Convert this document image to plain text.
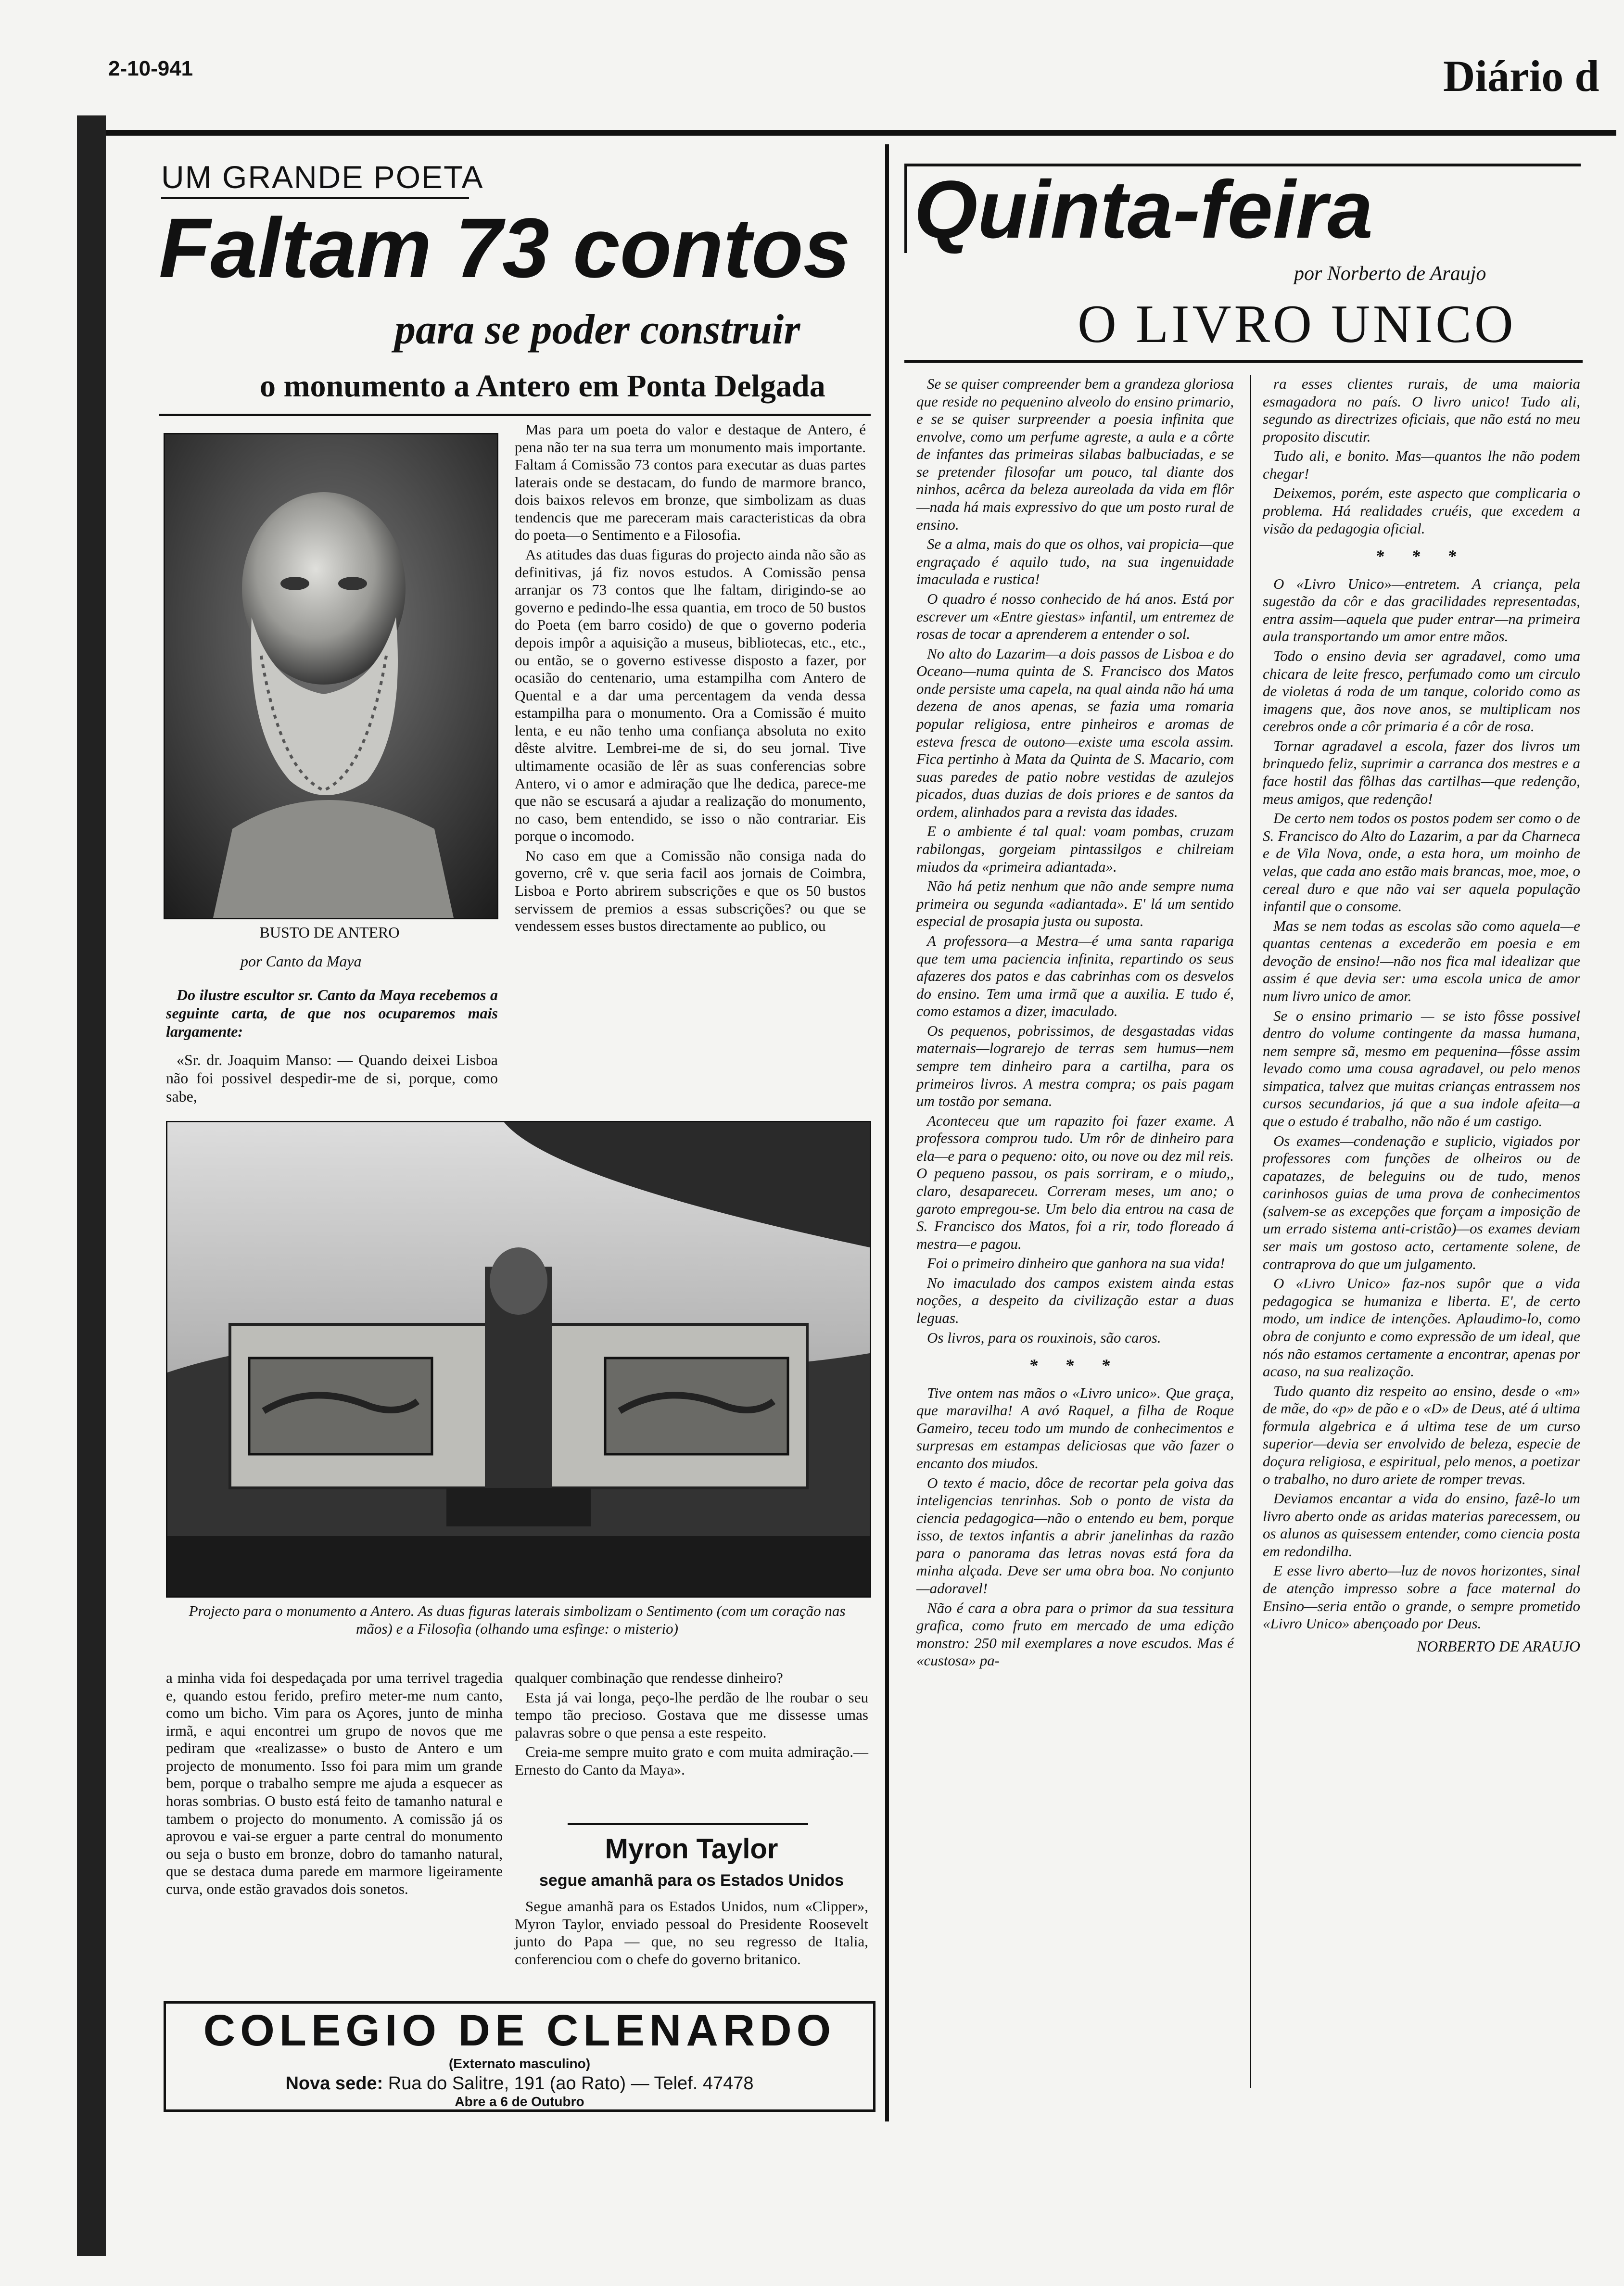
2-10-941	Diário d
UM GRANDE POETA
Faltam 73 contos
para se poder construir
o monumento a Antero em Ponta Delgada
BUSTO DE ANTERO
por Canto da Maya

Do ilustre escultor sr. Canto da Maya recebemos a seguinte carta, de que nos ocuparemos mais largamente:

«Sr. dr. Joaquim Manso: — Quando deixei Lisboa não foi possivel despedir-me de si, porque, como sabe,

Mas para um poeta do valor e destaque de Antero, é pena não ter na sua terra um monumento mais importante. Faltam á Comissão 73 contos para executar as duas partes laterais onde se destacam, do fundo de marmore branco, dois baixos relevos em bronze, que simbolizam as duas tendencis que me pareceram mais caracteristicas da obra do poeta—o Sentimento e a Filosofia.

As atitudes das duas figuras do projecto ainda não são as definitivas, já fiz novos estudos. A Comissão pensa arranjar os 73 contos que lhe faltam, dirigindo-se ao governo e pedindo-lhe essa quantia, em troco de 50 bustos do Poeta (em barro cosido) de que o governo poderia depois impôr a aquisição a museus, bibliotecas, etc., etc., ou então, se o governo estivesse disposto a fazer, por ocasião do centenario, uma estampilha com Antero de Quental e a dar uma percentagem da venda dessa estampilha para o monumento. Ora a Comissão é muito lenta, e eu não tenho uma confiança absoluta no exito dêste alvitre. Lembrei-me de si, do seu jornal. Tive ultimamente ocasião de lêr as suas conferencias sobre Antero, vi o amor e admiração que lhe dedica, parece-me que não se escusará a ajudar a realização do monumento, no caso, bem entendido, se isso o não contrariar. Eis porque o incomodo.

No caso em que a Comissão não consiga nada do governo, crê v. que seria facil aos jornais de Coimbra, Lisboa e Porto abrirem subscrições e que os 50 bustos servissem de premios a essas subscrições? ou que se vendessem esses bustos directamente ao publico, ou

Projecto para o monumento a Antero. As duas figuras laterais simbolizam o Sentimento (com um coração nas mãos) e a Filosofia (olhando uma esfinge: o misterio)

a minha vida foi despedaçada por uma terrivel tragedia e, quando estou ferido, prefiro meter-me num canto, como um bicho. Vim para os Açores, junto de minha irmã, e aqui encontrei um grupo de novos que me pediram que «realizasse» o busto de Antero e um projecto de monumento. Isso foi para mim um grande bem, porque o trabalho sempre me ajuda a esquecer as horas sombrias. O busto está feito de tamanho natural e tambem o projecto do monumento. A comissão já os aprovou e vai-se erguer a parte central do monumento ou seja o busto em bronze, dobro do tamanho natural, que se destaca duma parede em marmore ligeiramente curva, onde estão gravados dois sonetos.

qualquer combinação que rendesse dinheiro?

Esta já vai longa, peço-lhe perdão de lhe roubar o seu tempo tão precioso. Gostava que me dissesse umas palavras sobre o que pensa a este respeito.

Creia-me sempre muito grato e com muita admiração.—Ernesto do Canto da Maya».

Myron Taylor
segue amanhã para os Estados Unidos

Segue amanhã para os Estados Unidos, num «Clipper», Myron Taylor, enviado pessoal do Presidente Roosevelt junto do Papa — que, no seu regresso de Italia, conferenciou com o chefe do governo britanico.

COLEGIO DE CLENARDO
(Externato masculino)
Nova sede: Rua do Salitre, 191 (ao Rato) — Telef. 47478
Abre a 6 de Outubro
Quinta-feira
por Norberto de Araujo
O LIVRO UNICO

Se se quiser compreender bem a grandeza gloriosa que reside no pequenino alveolo do ensino primario, e se se quiser surpreender a poesia infinita que envolve, como um perfume agreste, a aula e a côrte de infantes das primeiras silabas balbuciadas, e se se pretender filosofar um pouco, tal diante dos ninhos, acêrca da beleza aureolada da vida em flôr—nada há mais expressivo do que um posto rural de ensino.

Se a alma, mais do que os olhos, vai propicia—que engraçado é aquilo tudo, na sua ingenuidade imaculada e rustica!

O quadro é nosso conhecido de há anos. Está por escrever um «Entre giestas» infantil, um entremez de rosas de tocar a aprenderem a entender o sol.

No alto do Lazarim—a dois passos de Lisboa e do Oceano—numa quinta de S. Francisco dos Matos onde persiste uma capela, na qual ainda não há uma dezena de anos apenas, se fazia uma romaria popular religiosa, entre pinheiros e aromas de esteva fresca de outono—existe uma escola assim. Fica pertinho à Mata da Quinta de S. Macario, com suas paredes de patio nobre vestidas de azulejos picados, duas duzias de dois priores e de santos da ordem, alinhados para a revista das idades.

E o ambiente é tal qual: voam pombas, cruzam rabilongas, gorgeiam pintassilgos e chilreiam miudos da «primeira adiantada».

Não há petiz nenhum que não ande sempre numa primeira ou segunda «adiantada». E' lá um sentido especial de prosapia justa ou suposta.

A professora—a Mestra—é uma santa rapariga que tem uma paciencia infinita, repartindo os seus afazeres dos patos e das cabrinhas com os desvelos do ensino. Tem uma irmã que a auxilia. E tudo é, como estamos a dizer, imaculado.

Os pequenos, pobrissimos, de desgastadas vidas maternais—lograrejo de terras sem humus—nem sempre tem dinheiro para a cartilha, para os primeiros livros. A mestra compra; os pais pagam um tostão por semana.

Aconteceu que um rapazito foi fazer exame. A professora comprou tudo. Um rôr de dinheiro para ela—e para o pequeno: oito, ou nove ou dez mil reis. O pequeno passou, os pais sorriram, e o miudo,, claro, desapareceu. Correram meses, um ano; o garoto empregou-se. Um belo dia entrou na casa de S. Francisco dos Matos, foi a rir, todo floreado á mestra—e pagou.

Foi o primeiro dinheiro que ganhora na sua vida!

No imaculado dos campos existem ainda estas noções, a despeito da civilização estar a duas leguas.

Os livros, para os rouxinois, são caros.

* * *

Tive ontem nas mãos o «Livro unico». Que graça, que maravilha! A avó Raquel, a filha de Roque Gameiro, teceu todo um mundo de conhecimentos e surpresas em estampas deliciosas que vão fazer o encanto dos miudos.

O texto é macio, dôce de recortar pela goiva das inteligencias tenrinhas. Sob o ponto de vista da ciencia pedagogica—não o entendo eu bem, porque isso, de textos infantis a abrir janelinhas da razão para o panorama das letras novas está fora da minha alçada. Deve ser uma obra boa. No conjunto—adoravel!

Não é cara a obra para o primor da sua tessitura grafica, como fruto em mercado de uma edição monstro: 250 mil exemplares a nove escudos. Mas é «custosa» pa-

ra esses clientes rurais, de uma maioria esmagadora no país. O livro unico! Tudo ali, segundo as directrizes oficiais, que não está no meu proposito discutir.

Tudo ali, e bonito. Mas—quantos lhe não podem chegar!

Deixemos, porém, este aspecto que complicaria o problema. Há realidades cruéis, que excedem a visão da pedagogia oficial.

* * *

O «Livro Unico»—entretem. A criança, pela sugestão da côr e das gracilidades representadas, entra assim—aquela que puder entrar—na primeira aula transportando um amor entre mãos.

Todo o ensino devia ser agradavel, como uma chicara de leite fresco, perfumado como um circulo de violetas á roda de um tanque, colorido como as imagens que, ãos nove anos, se multiplicam nos cerebros onde a côr primaria é a côr de rosa.

Tornar agradavel a escola, fazer dos livros um brinquedo feliz, suprimir a carranca dos mestres e a face hostil das fôlhas das cartilhas—que redenção, meus amigos, que redenção!

De certo nem todos os postos podem ser como o de S. Francisco do Alto do Lazarim, a par da Charneca e de Vila Nova, onde, a esta hora, um moinho de velas, que cada ano estão mais brancas, moe, moe, o cereal duro e que não vai ser aquela população infantil que o consome.

Mas se nem todas as escolas são como aquela—e quantas centenas a excederão em poesia e em devoção de ensino!—não nos fica mal idealizar que assim é que devia ser: uma escola unica de amor num livro unico de amor.

Se o ensino primario — se isto fôsse possivel dentro do volume contingente da massa humana, nem sempre sã, mesmo em pequenina—fôsse assim levado como uma cousa agradavel, ou pelo menos simpatica, talvez que muitas crianças entrassem nos cursos secundarios, já que a sua indole afeita—a que o estudo é trabalho, não não é um castigo.

Os exames—condenação e suplicio, vigiados por professores com funções de olheiros ou de capatazes, de beleguins ou de tudo, menos carinhosos guias de uma prova de conhecimentos (salvem-se as excepções que forçam a imposição de um errado sistema anti-cristão)—os exames deviam ser mais um gostoso acto, certamente solene, de contraprova do que um julgamento.

O «Livro Unico» faz-nos supôr que a vida pedagogica se humaniza e liberta. E', de certo modo, um indice de intenções. Aplaudimo-lo, como obra de conjunto e como expressão de um ideal, que nós não estamos certamente a encontrar, apenas por acaso, na sua realização.

Tudo quanto diz respeito ao ensino, desde o «m» de mãe, do «p» de pão e o «D» de Deus, até á ultima formula algebrica e á ultima tese de um curso superior—devia ser envolvido de beleza, especie de doçura religiosa, e espiritual, pelo menos, a poetizar o trabalho, no duro ariete de romper trevas.

Deviamos encantar a vida do ensino, fazê-lo um livro aberto onde as aridas materias parecessem, ou os alunos as quisessem entender, como ciencia posta em redondilha.

E esse livro aberto—luz de novos horizontes, sinal de atenção impresso sobre a face maternal do Ensino—seria então o grande, o sempre prometido «Livro Unico» abençoado por Deus.

NORBERTO DE ARAUJO
